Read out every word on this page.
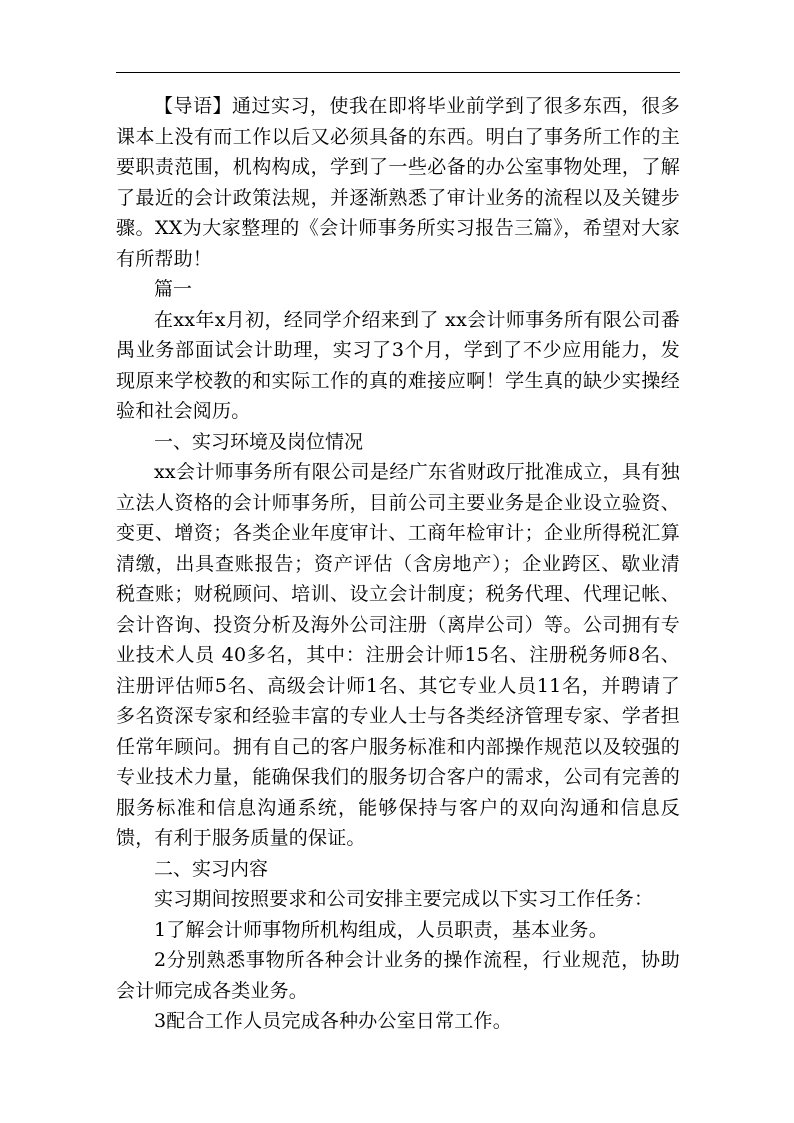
【导语】通过实习，使我在即将毕业前学到了很多东西，很多课本上没有而工作以后又必须具备的东西。明白了事务所工作的主要职责范围，机构构成，学到了一些必备的办公室事物处理，了解了最近的会计政策法规，并逐渐熟悉了审计业务的流程以及关键步骤。XX为大家整理的《会计师事务所实习报告三篇》，希望对大家有所帮助！

篇一

在xx年x月初，经同学介绍来到了 xx会计师事务所有限公司番禺业务部面试会计助理，实习了3个月，学到了不少应用能力，发现原来学校教的和实际工作的真的难接应啊！学生真的缺少实操经验和社会阅历。

一、实习环境及岗位情况

xx会计师事务所有限公司是经广东省财政厅批准成立，具有独立法人资格的会计师事务所，目前公司主要业务是企业设立验资、变更、增资；各类企业年度审计、工商年检审计；企业所得税汇算清缴，出具查账报告；资产评估（含房地产）；企业跨区、歇业清税查账；财税顾问、培训、设立会计制度；税务代理、代理记帐、会计咨询、投资分析及海外公司注册（离岸公司）等。公司拥有专业技术人员 40多名，其中：注册会计师15名、注册税务师8名、注册评估师5名、高级会计师1名、其它专业人员11名，并聘请了多名资深专家和经验丰富的专业人士与各类经济管理专家、学者担任常年顾问。拥有自己的客户服务标准和内部操作规范以及较强的专业技术力量，能确保我们的服务切合客户的需求，公司有完善的服务标准和信息沟通系统，能够保持与客户的双向沟通和信息反馈，有利于服务质量的保证。

二、实习内容

实习期间按照要求和公司安排主要完成以下实习工作任务：

1了解会计师事物所机构组成，人员职责，基本业务。

2分别熟悉事物所各种会计业务的操作流程，行业规范，协助会计师完成各类业务。

3配合工作人员完成各种办公室日常工作。
